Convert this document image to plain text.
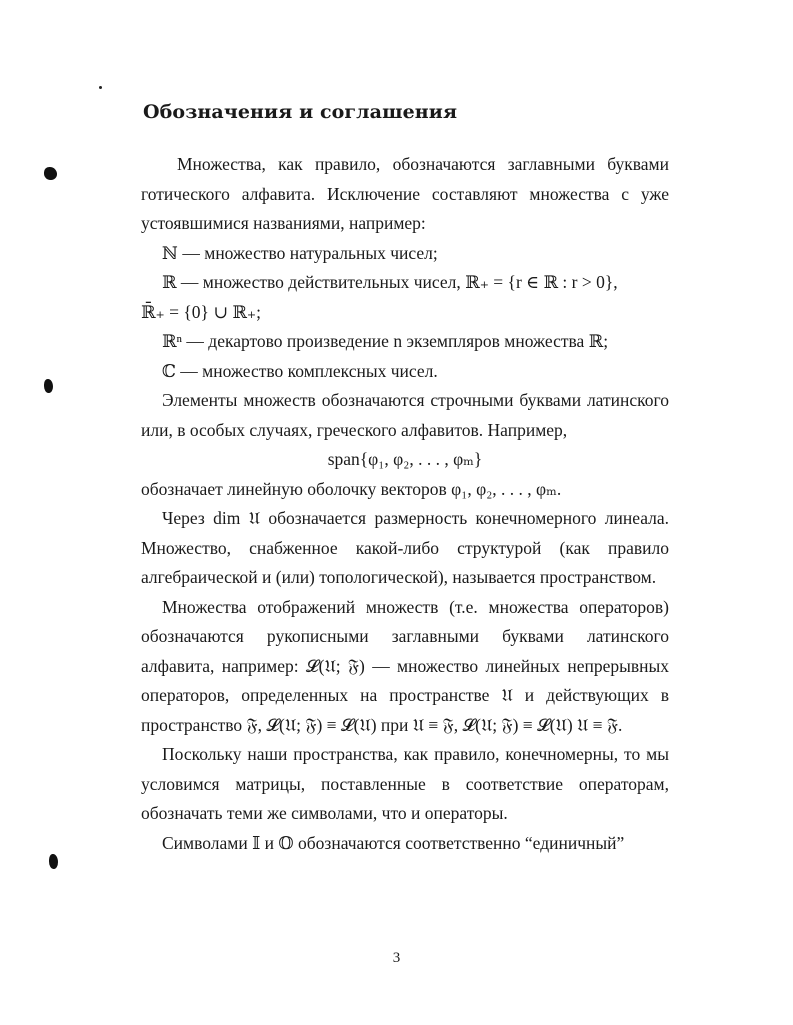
Обозначения и соглашения

Множества, как правило, обозначаются заглавными буквами готического алфавита. Исключение составляют множества с уже устоявшимися названиями, например:

ℕ — множество натуральных чисел;

ℝ — множество действительных чисел, ℝ₊ = {r ∈ ℝ : r > 0},

ℝ̄₊ = {0} ∪ ℝ₊;

ℝⁿ — декартово произведение n экземпляров множества ℝ;

ℂ — множество комплексных чисел.

Элементы множеств обозначаются строчными буквами латинского или, в особых случаях, греческого алфавитов. Например,

span{φ₁, φ₂, . . . , φₘ}

обозначает линейную оболочку векторов φ₁, φ₂, . . . , φₘ.

Через dim 𝔘 обозначается размерность конечномерного линеала. Множество, снабженное какой-либо структурой (как правило алгебраической и (или) топологической), называется пространством.

Множества отображений множеств (т.е. множества операторов) обозначаются рукописными заглавными буквами латинского алфавита, например: 𝓛(𝔘; 𝔉) — множество линейных непрерывных операторов, определенных на пространстве 𝔘 и действующих в пространство 𝔉, 𝓛(𝔘; 𝔉) ≡ 𝓛(𝔘) при 𝔘 ≡ 𝔉, 𝓛(𝔘; 𝔉) ≡ 𝓛(𝔘) 𝔘 ≡ 𝔉.

Поскольку наши пространства, как правило, конечномерны, то мы условимся матрицы, поставленные в соответствие операторам, обозначать теми же символами, что и операторы.

Символами 𝕀 и 𝕆 обозначаются соответственно “единичный”

3
